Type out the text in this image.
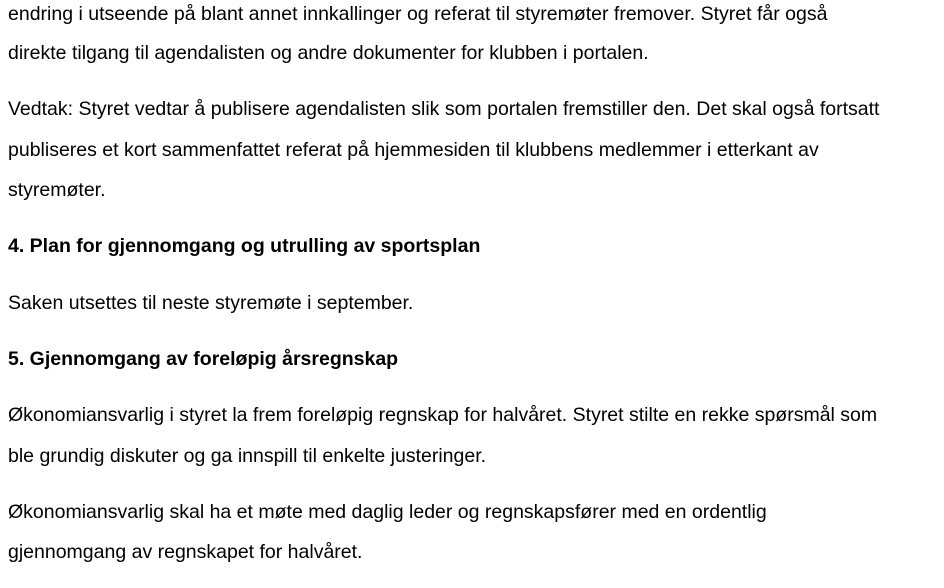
endring i utseende på blant annet innkallinger og referat til styremøter fremover. Styret får også
direkte tilgang til agendalisten og andre dokumenter for klubben i portalen.
Vedtak: Styret vedtar å publisere agendalisten slik som portalen fremstiller den. Det skal også fortsatt
publiseres et kort sammenfattet referat på hjemmesiden til klubbens medlemmer i etterkant av
styremøter.
4. Plan for gjennomgang og utrulling av sportsplan
Saken utsettes til neste styremøte i september.
5. Gjennomgang av foreløpig årsregnskap
Økonomiansvarlig i styret la frem foreløpig regnskap for halvåret. Styret stilte en rekke spørsmål som
ble grundig diskuter og ga innspill til enkelte justeringer.
Økonomiansvarlig skal ha et møte med daglig leder og regnskapsfører med en ordentlig
gjennomgang av regnskapet for halvåret.
